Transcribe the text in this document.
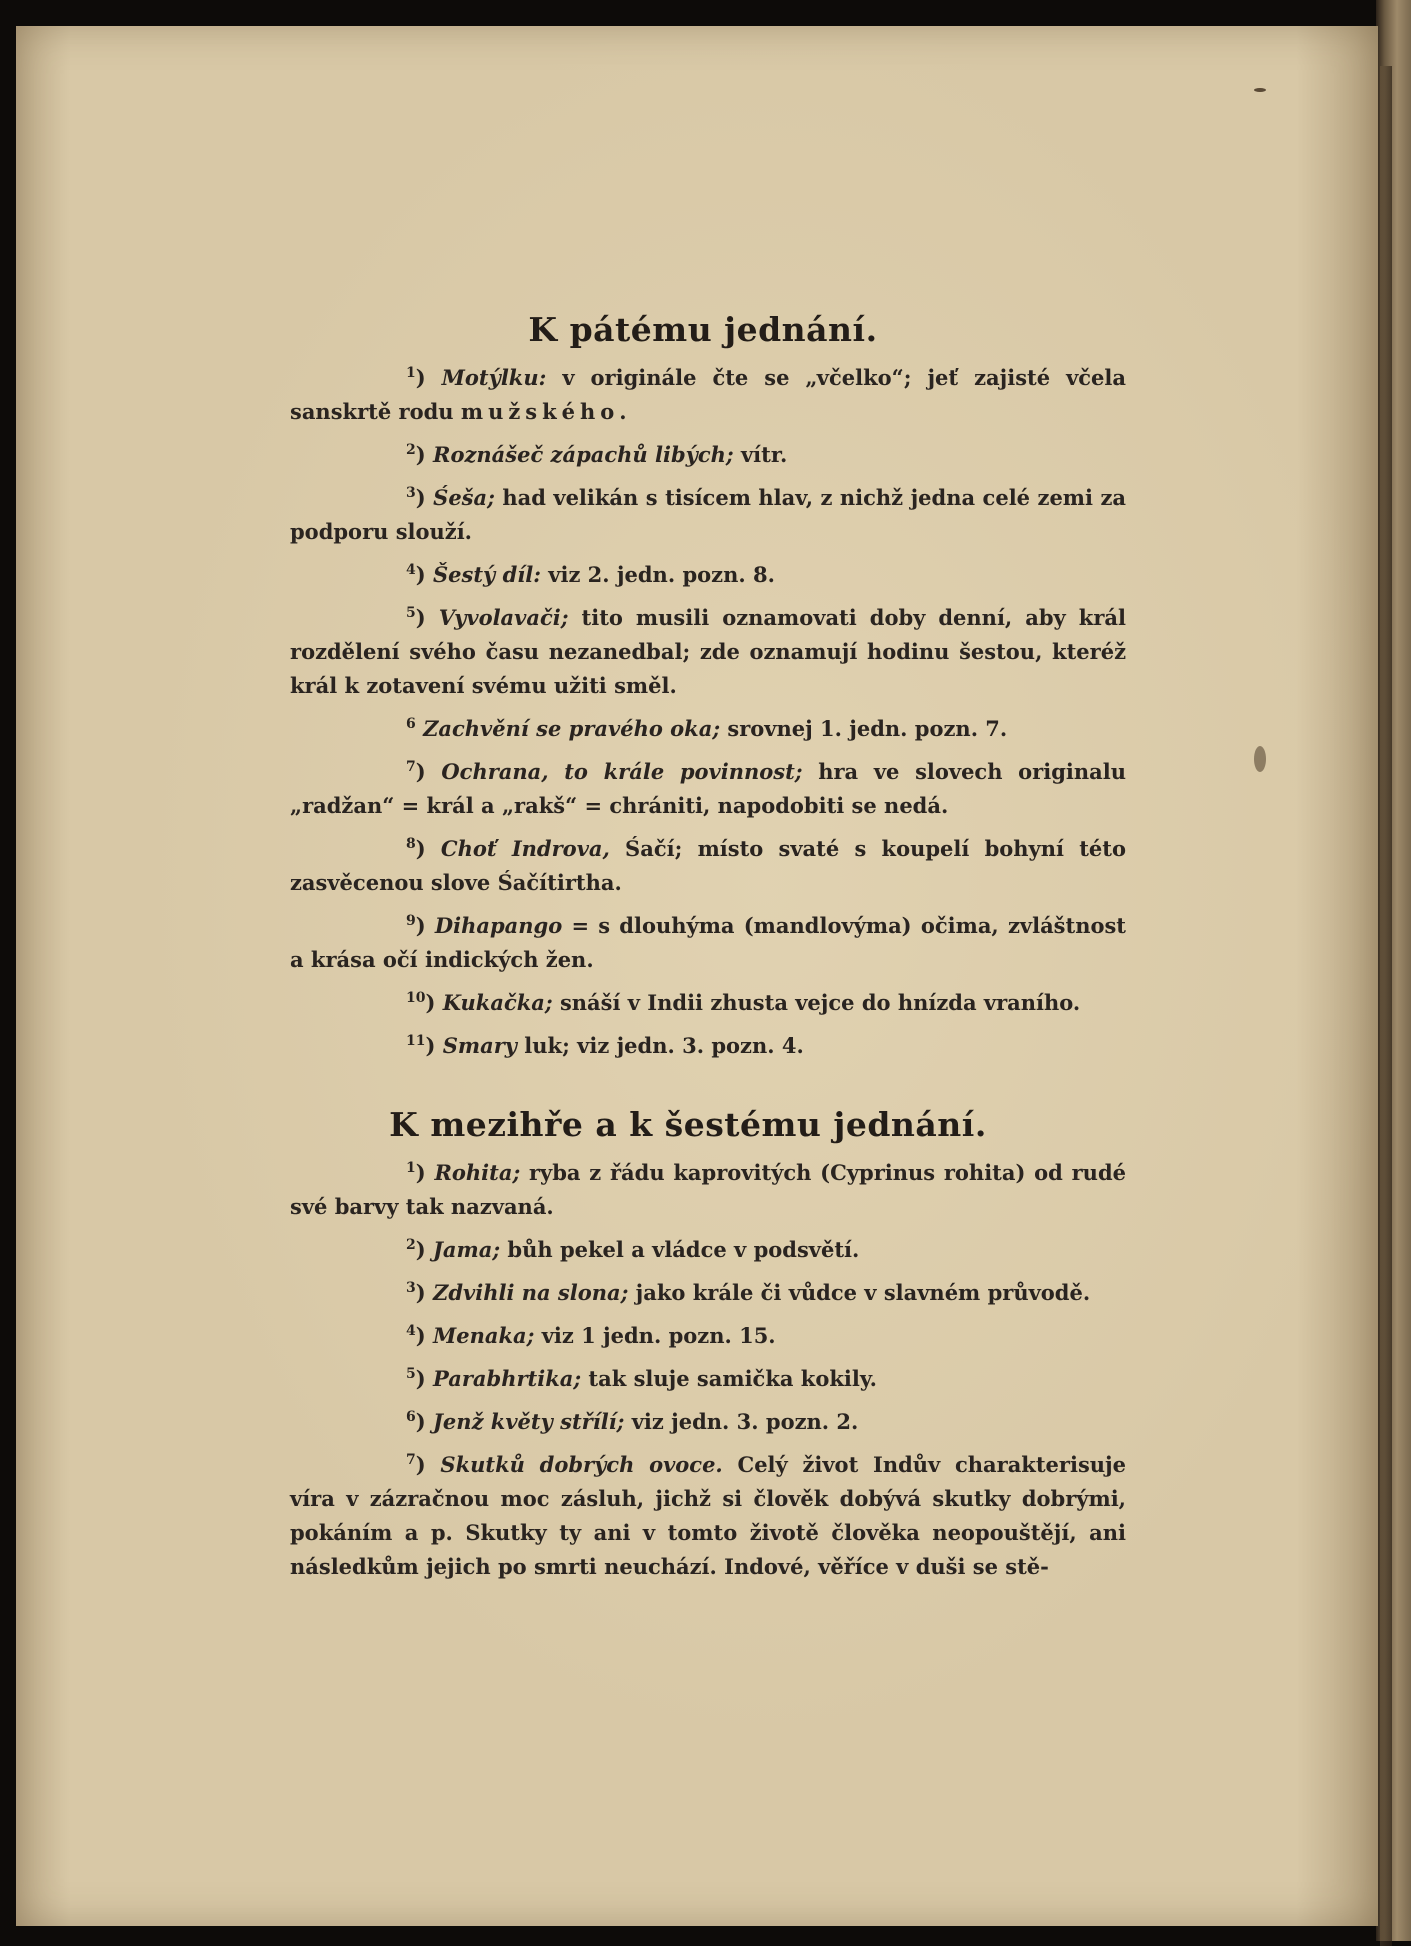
K pátému jednání.

$^1$) Motýlku: v originále čte se „včelko“; jeť zajisté včela sanskrtě rodu mužského.

$^2$) Roznášeč zápachů libých; vítr.

$^3$) Śeša; had velikán s tisícem hlav, z nichž jedna celé zemi za podporu slouží.

$^4$) Šestý díl: viz 2. jedn. pozn. 8.

$^5$) Vyvolavači; tito musili oznamovati doby denní, aby král rozdělení svého času nezanedbal; zde oznamují hodinu šestou, kteréž král k zotavení svému užiti směl.

$^6$ Zachvění se pravého oka; srovnej 1. jedn. pozn. 7.

$^7$) Ochrana, to krále povinnost; hra ve slovech originalu „radžan“ = král a „rakš“ = chrániti, napodobiti se nedá.

$^8$) Choť Indrova, Śačí; místo svaté s koupelí bohyní této zasvěcenou slove Śačítirtha.

$^9$) Dihapango = s dlouhýma (mandlovýma) očima, zvláštnost a krása očí indických žen.

$^{10}$) Kukačka; snáší v Indii zhusta vejce do hnízda vraního.

$^{11}$) Smary luk; viz jedn. 3. pozn. 4.

K mezihře a k šestému jednání.

$^1$) Rohita; ryba z řádu kaprovitých (Cyprinus rohita) od rudé své barvy tak nazvaná.

$^2$) Jama; bůh pekel a vládce v podsvětí.

$^3$) Zdvihli na slona; jako krále či vůdce v slavném průvodě.

$^4$) Menaka; viz 1 jedn. pozn. 15.

$^5$) Parabhrtika; tak sluje samička kokily.

$^6$) Jenž květy střílí; viz jedn. 3. pozn. 2.

$^7$) Skutků dobrých ovoce. Celý život Indův charakterisuje víra v zázračnou moc zásluh, jichž si člověk dobývá skutky dobrými, pokáním a p. Skutky ty ani v tomto životě člověka neopouštějí, ani následkům jejich po smrti neuchází. Indové, věříce v duši se stě-
